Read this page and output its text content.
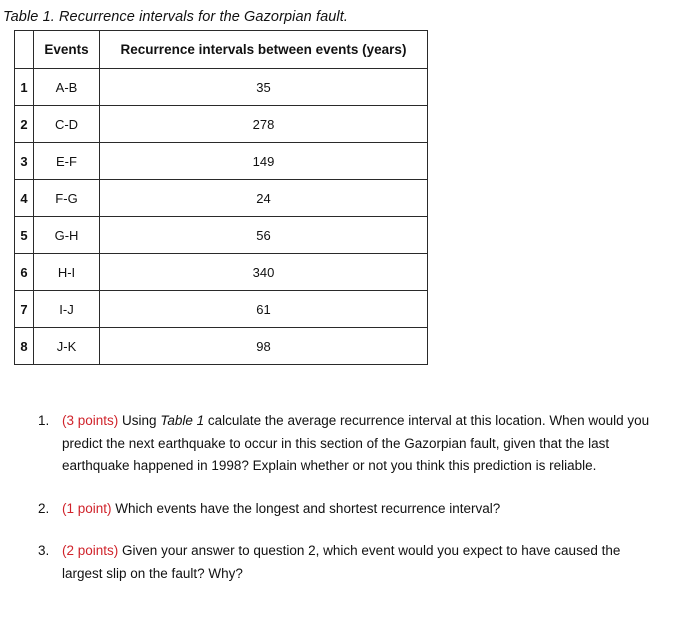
Table 1. Recurrence intervals for the Gazorpian fault.
	Events	Recurrence intervals between events (years)
1	A-B	35
2	C-D	278
3	E-F	149
4	F-G	24
5	G-H	56
6	H-I	340
7	I-J	61
8	J-K	98
1. (3 points) Using Table 1 calculate the average recurrence interval at this location. When would you predict the next earthquake to occur in this section of the Gazorpian fault, given that the last earthquake happened in 1998? Explain whether or not you think this prediction is reliable.
2. (1 point) Which events have the longest and shortest recurrence interval?
3. (2 points) Given your answer to question 2, which event would you expect to have caused the largest slip on the fault? Why?
